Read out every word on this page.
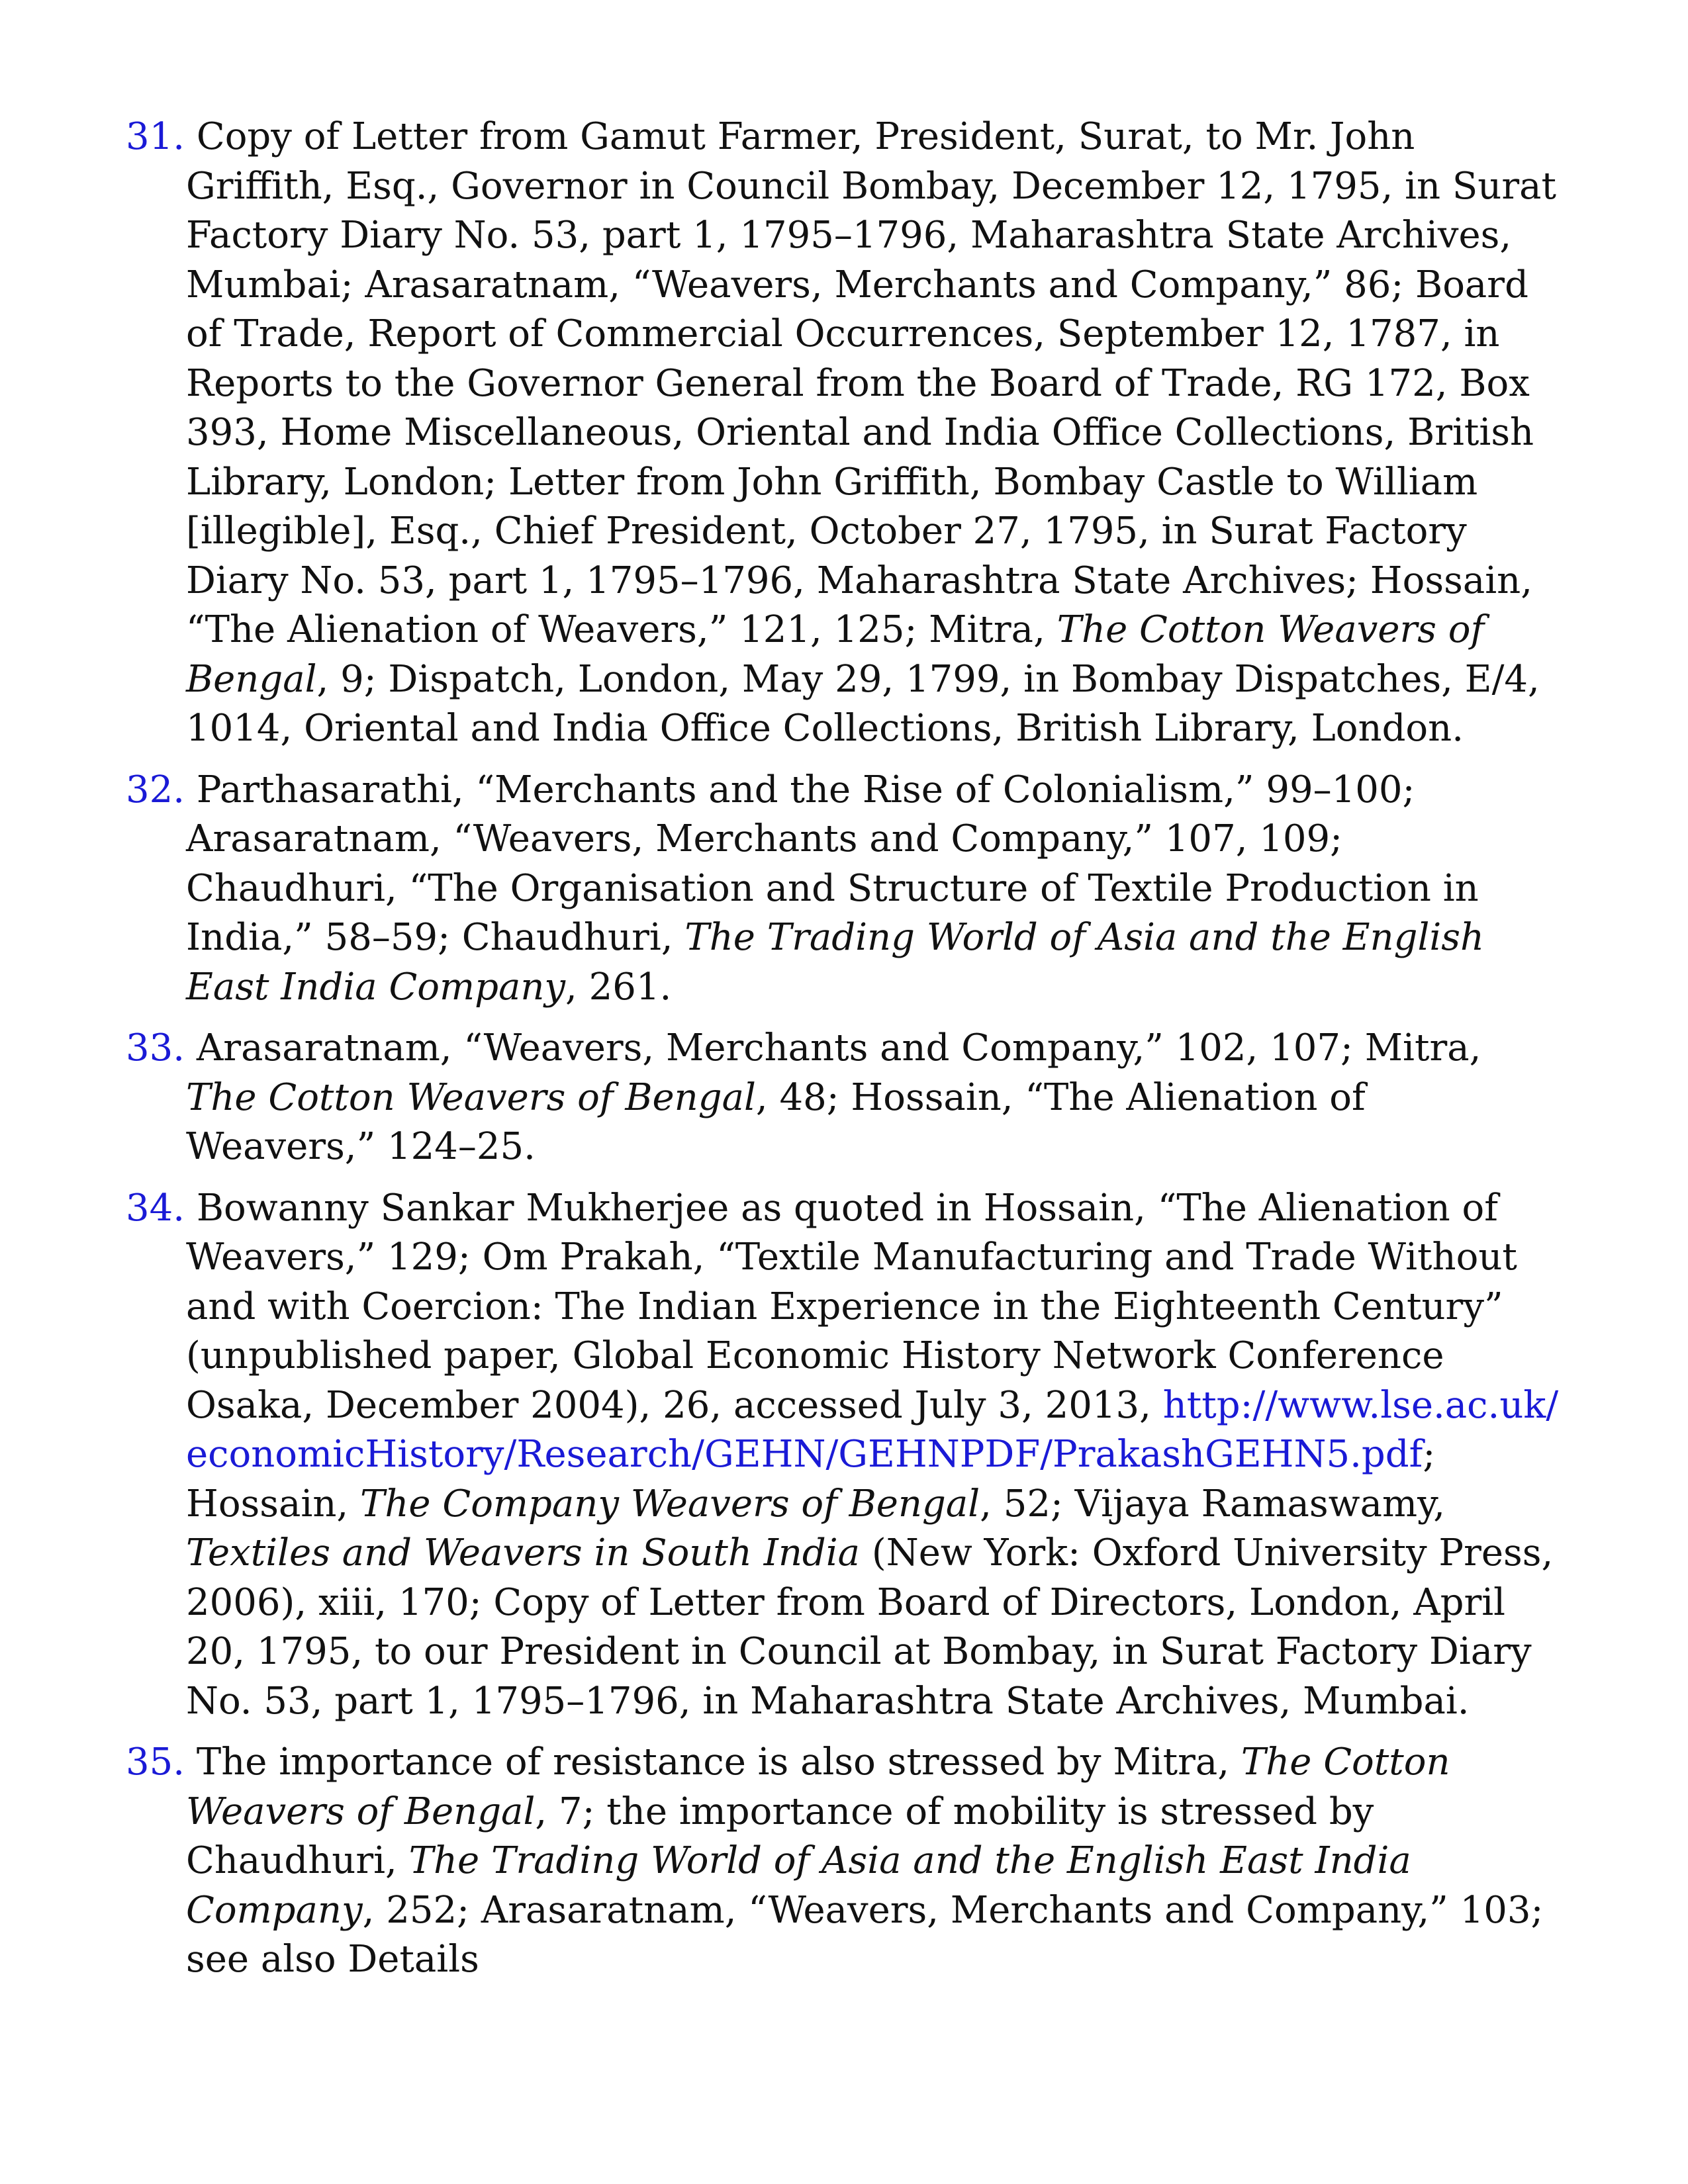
31. Copy of Letter from Gamut Farmer, President, Surat, to Mr. John Griffith, Esq., Governor in Council Bombay, December 12, 1795, in Surat Factory Diary No. 53, part 1, 1795–1796, Maharashtra State Archives, Mumbai; Arasaratnam, “Weavers, Merchants and Company,” 86; Board of Trade, Report of Commercial Occurrences, September 12, 1787, in Reports to the Governor General from the Board of Trade, RG 172, Box 393, Home Miscellaneous, Oriental and India Office Collections, British Library, London; Letter from John Griffith, Bombay Castle to William [illegible], Esq., Chief President, October 27, 1795, in Surat Factory Diary No. 53, part 1, 1795–1796, Maharashtra State Archives; Hossain, “The Alienation of Weavers,” 121, 125; Mitra, The Cotton Weavers of Bengal, 9; Dispatch, London, May 29, 1799, in Bombay Dispatches, E/4, 1014, Oriental and India Office Collections, British Library, London.
32. Parthasarathi, “Merchants and the Rise of Colonialism,” 99–100; Arasaratnam, “Weavers, Merchants and Company,” 107, 109; Chaudhuri, “The Organisation and Structure of Textile Production in India,” 58–59; Chaudhuri, The Trading World of Asia and the English East India Company, 261.
33. Arasaratnam, “Weavers, Merchants and Company,” 102, 107; Mitra, The Cotton Weavers of Bengal, 48; Hossain, “The Alienation of Weavers,” 124–25.
34. Bowanny Sankar Mukherjee as quoted in Hossain, “The Alienation of Weavers,” 129; Om Prakah, “Textile Manufacturing and Trade Without and with Coercion: The Indian Experience in the Eighteenth Century” (unpublished paper, Global Economic History Network Conference Osaka, December 2004), 26, accessed July 3, 2013, http://www.lse.ac.uk/economicHistory/Research/GEHN/GEHNPDF/PrakashGEHN5.pdf; Hossain, The Company Weavers of Bengal, 52; Vijaya Ramaswamy, Textiles and Weavers in South India (New York: Oxford University Press, 2006), xiii, 170; Copy of Letter from Board of Directors, London, April 20, 1795, to our President in Council at Bombay, in Surat Factory Diary No. 53, part 1, 1795–1796, in Maharashtra State Archives, Mumbai.
35. The importance of resistance is also stressed by Mitra, The Cotton Weavers of Bengal, 7; the importance of mobility is stressed by Chaudhuri, The Trading World of Asia and the English East India Company, 252; Arasaratnam, “Weavers, Merchants and Company,” 103; see also Details
